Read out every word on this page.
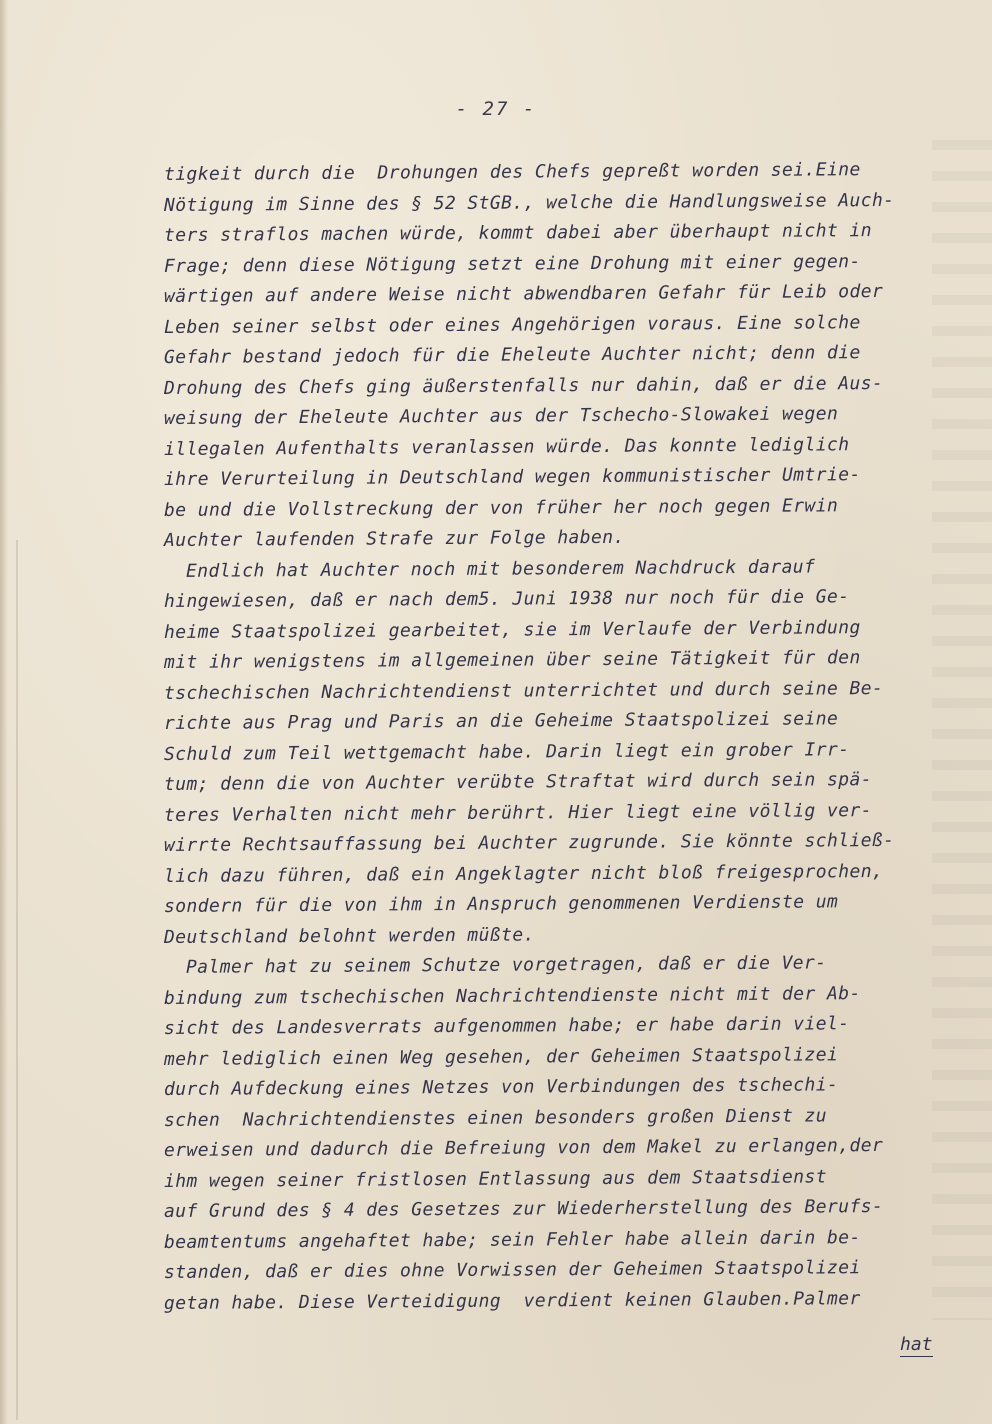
- 27 -
tigkeit durch die  Drohungen des Chefs gepreßt worden sei.Eine
Nötigung im Sinne des § 52 StGB., welche die Handlungsweise Auch-
ters straflos machen würde, kommt dabei aber überhaupt nicht in
Frage; denn diese Nötigung setzt eine Drohung mit einer gegen-
wärtigen auf andere Weise nicht abwendbaren Gefahr für Leib oder
Leben seiner selbst oder eines Angehörigen voraus. Eine solche
Gefahr bestand jedoch für die Eheleute Auchter nicht; denn die
Drohung des Chefs ging äußerstenfalls nur dahin, daß er die Aus-
weisung der Eheleute Auchter aus der Tschecho-Slowakei wegen
illegalen Aufenthalts veranlassen würde. Das konnte lediglich
ihre Verurteilung in Deutschland wegen kommunistischer Umtrie-
be und die Vollstreckung der von früher her noch gegen Erwin
Auchter laufenden Strafe zur Folge haben.
Endlich hat Auchter noch mit besonderem Nachdruck darauf
hingewiesen, daß er nach dem5. Juni 1938 nur noch für die Ge-
heime Staatspolizei gearbeitet, sie im Verlaufe der Verbindung
mit ihr wenigstens im allgemeinen über seine Tätigkeit für den
tschechischen Nachrichtendienst unterrichtet und durch seine Be-
richte aus Prag und Paris an die Geheime Staatspolizei seine
Schuld zum Teil wettgemacht habe. Darin liegt ein grober Irr-
tum; denn die von Auchter verübte Straftat wird durch sein spä-
teres Verhalten nicht mehr berührt. Hier liegt eine völlig ver-
wirrte Rechtsauffassung bei Auchter zugrunde. Sie könnte schließ-
lich dazu führen, daß ein Angeklagter nicht bloß freigesprochen,
sondern für die von ihm in Anspruch genommenen Verdienste um
Deutschland belohnt werden müßte.
Palmer hat zu seinem Schutze vorgetragen, daß er die Ver-
bindung zum tschechischen Nachrichtendienste nicht mit der Ab-
sicht des Landesverrats aufgenommen habe; er habe darin viel-
mehr lediglich einen Weg gesehen, der Geheimen Staatspolizei
durch Aufdeckung eines Netzes von Verbindungen des tschechi-
schen  Nachrichtendienstes einen besonders großen Dienst zu
erweisen und dadurch die Befreiung von dem Makel zu erlangen,der
ihm wegen seiner fristlosen Entlassung aus dem Staatsdienst
auf Grund des § 4 des Gesetzes zur Wiederherstellung des Berufs-
beamtentums angehaftet habe; sein Fehler habe allein darin be-
standen, daß er dies ohne Vorwissen der Geheimen Staatspolizei
getan habe. Diese Verteidigung  verdient keinen Glauben.Palmer
hat
